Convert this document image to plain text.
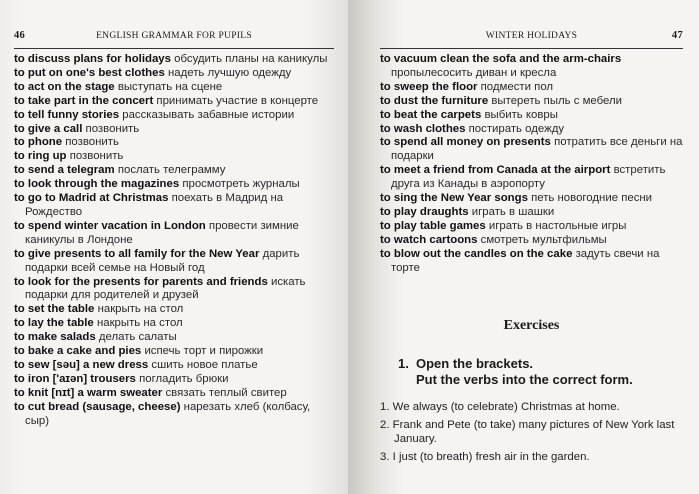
46	ENGLISH GRAMMAR FOR PUPILS
to discuss plans for holidays обсудить планы на каникулы
to put on one's best clothes надеть лучшую одежду
to act on the stage выступать на сцене
to take part in the concert принимать участие в концерте
to tell funny stories рассказывать забавные истории
to give a call позвонить
to phone позвонить
to ring up позвонить
to send a telegram послать телеграмму
to look through the magazines просмотреть журналы
to go to Madrid at Christmas поехать в Мадрид на Рождество
to spend winter vacation in London провести зимние каникулы в Лондоне
to give presents to all family for the New Year дарить подарки всей семье на Новый год
to look for the presents for parents and friends искать подарки для родителей и друзей
to set the table накрыть на стол
to lay the table накрыть на стол
to make salads делать салаты
to bake a cake and pies испечь торт и пирожки
to sew [səu] a new dress сшить новое платье
to iron ['aɪən] trousers погладить брюки
to knit [nɪt] a warm sweater связать теплый свитер
to cut bread (sausage, cheese) нарезать хлеб (колбасу, сыр)
WINTER HOLIDAYS	47
to vacuum clean the sofa and the arm-chairs пропылесосить диван и кресла
to sweep the floor подмести пол
to dust the furniture вытереть пыль с мебели
to beat the carpets выбить ковры
to wash clothes постирать одежду
to spend all money on presents потратить все деньги на подарки
to meet a friend from Canada at the airport встретить друга из Канады в аэропорту
to sing the New Year songs петь новогодние песни
to play draughts играть в шашки
to play table games играть в настольные игры
to watch cartoons смотреть мультфильмы
to blow out the candles on the cake задуть свечи на торте
Exercises
1. Open the brackets.
Put the verbs into the correct form.
1. We always (to celebrate) Christmas at home.
2. Frank and Pete (to take) many pictures of New York last January.
3. I just (to breath) fresh air in the garden.
